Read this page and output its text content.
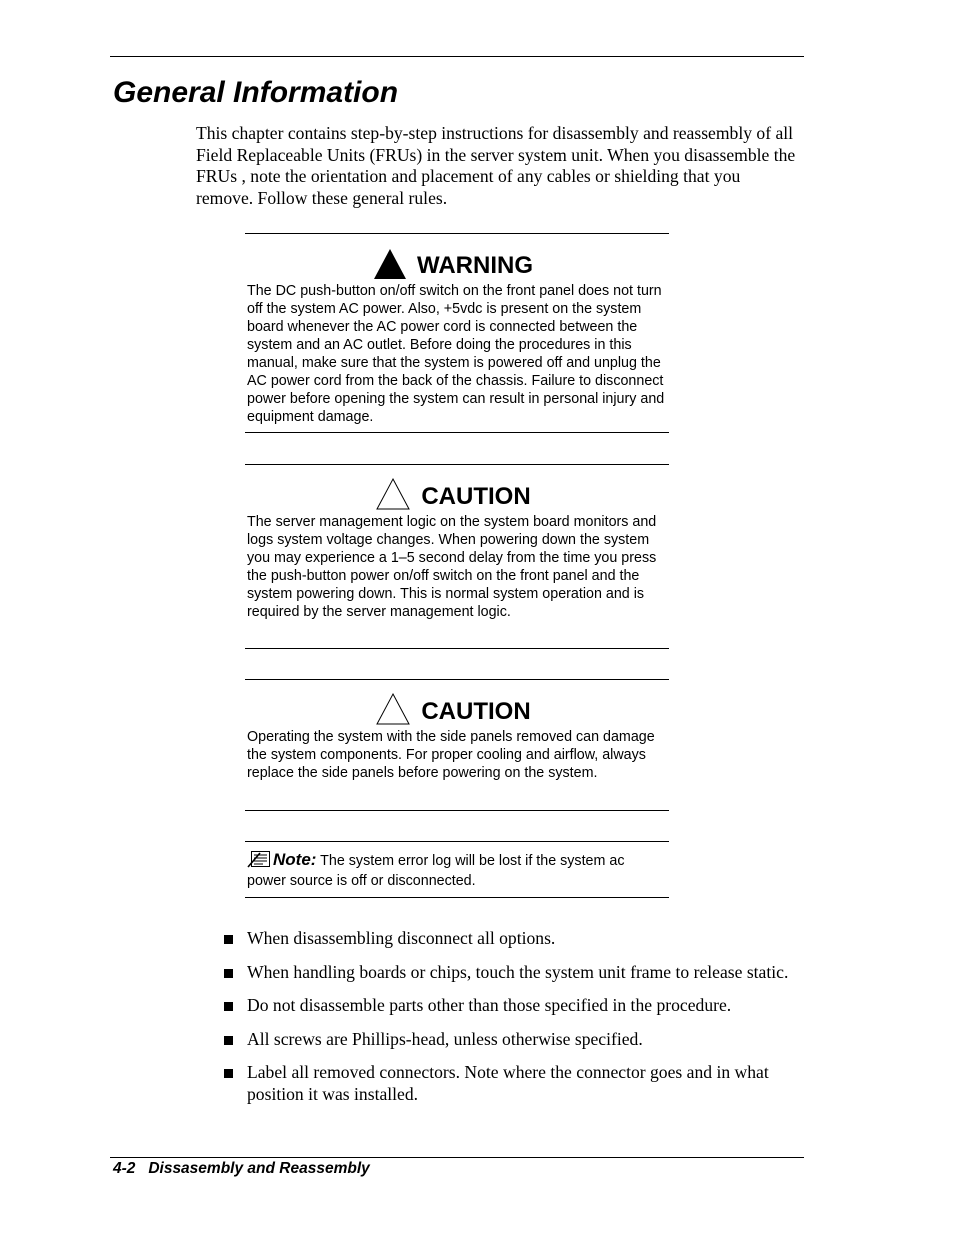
General Information

This chapter contains step-by-step instructions for disassembly and reassembly of all Field Replaceable Units (FRUs) in the server system unit. When you disassemble the FRUs , note the orientation and placement of any cables or shielding that you remove. Follow these general rules.

WARNING
The DC push-button on/off switch on the front panel does not turn off the system AC power. Also, +5vdc is present on the system board whenever the AC power cord is connected between the system and an AC outlet. Before doing the procedures in this manual, make sure that the system is powered off and unplug the AC power cord from the back of the chassis. Failure to disconnect power before opening the system can result in personal injury and equipment damage.
CAUTION
The server management logic on the system board monitors and logs system voltage changes. When powering down the system you may experience a 1–5 second delay from the time you press the push-button power on/off switch on the front panel and the system powering down. This is normal system operation and is required by the server management logic.
CAUTION
Operating the system with the side panels removed can damage the system components. For proper cooling and airflow, always replace the side panels before powering on the system.
Note: The system error log will be lost if the system ac power source is off or disconnected.
When disassembling disconnect all options.
When handling boards or chips, touch the system unit frame to release static.
Do not disassemble parts other than those specified in the procedure.
All screws are Phillips-head, unless otherwise specified.
Label all removed connectors. Note where the connector goes and in what position it was installed.
4-2   Dissasembly and Reassembly
